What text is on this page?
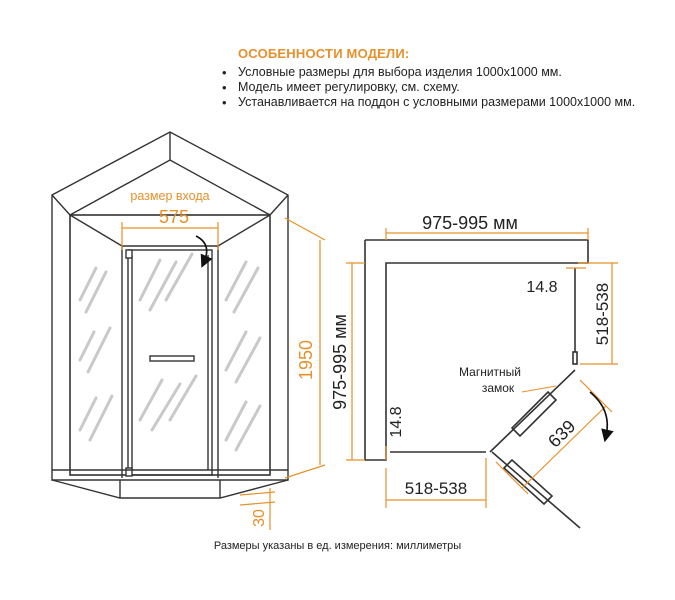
ОСОБЕННОСТИ МОДЕЛИ:
• Условные размеры для выбора изделия 1000x1000 мм.
• Модель имеет регулировку, см. схему.
• Устанавливается на поддон с условными размерами 1000x1000 мм.
размер входа
575
1950
30
975-995 мм
975-995 мм
14.8 518-538
14.8
518-538
639
Магнитный
замок
Размеры указаны в ед. измерения: миллиметры
